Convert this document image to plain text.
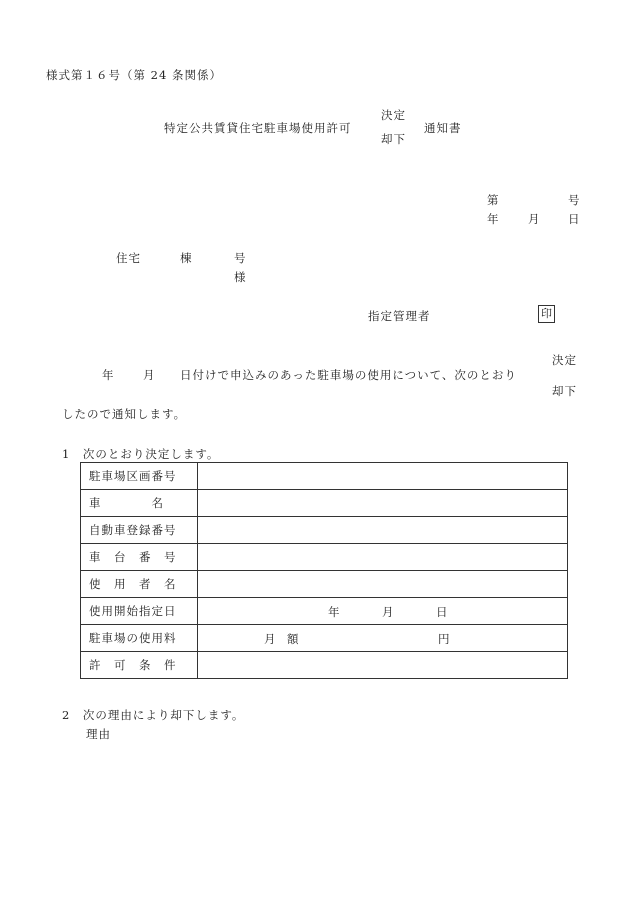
様式第１６号（第 24 条関係）
特定公共賃貸住宅駐車場使用許可
決定
却下
通知書
第	号
年 月 日
住宅	棟	号
様
指定管理者	印
決定
年 月 日付けで申込みのあった駐車場の使用について、次のとおり
却下
したので通知します。
1　次のとおり決定します。
駐車場区画番号	
車　　　　名	
自動車登録番号	
車　台　番　号	
使　用　者　名	
使用開始指定日	年 月 日

駐車場の使用料	月　額 円

許　可　条　件	
2　次の理由により却下します。
理由
